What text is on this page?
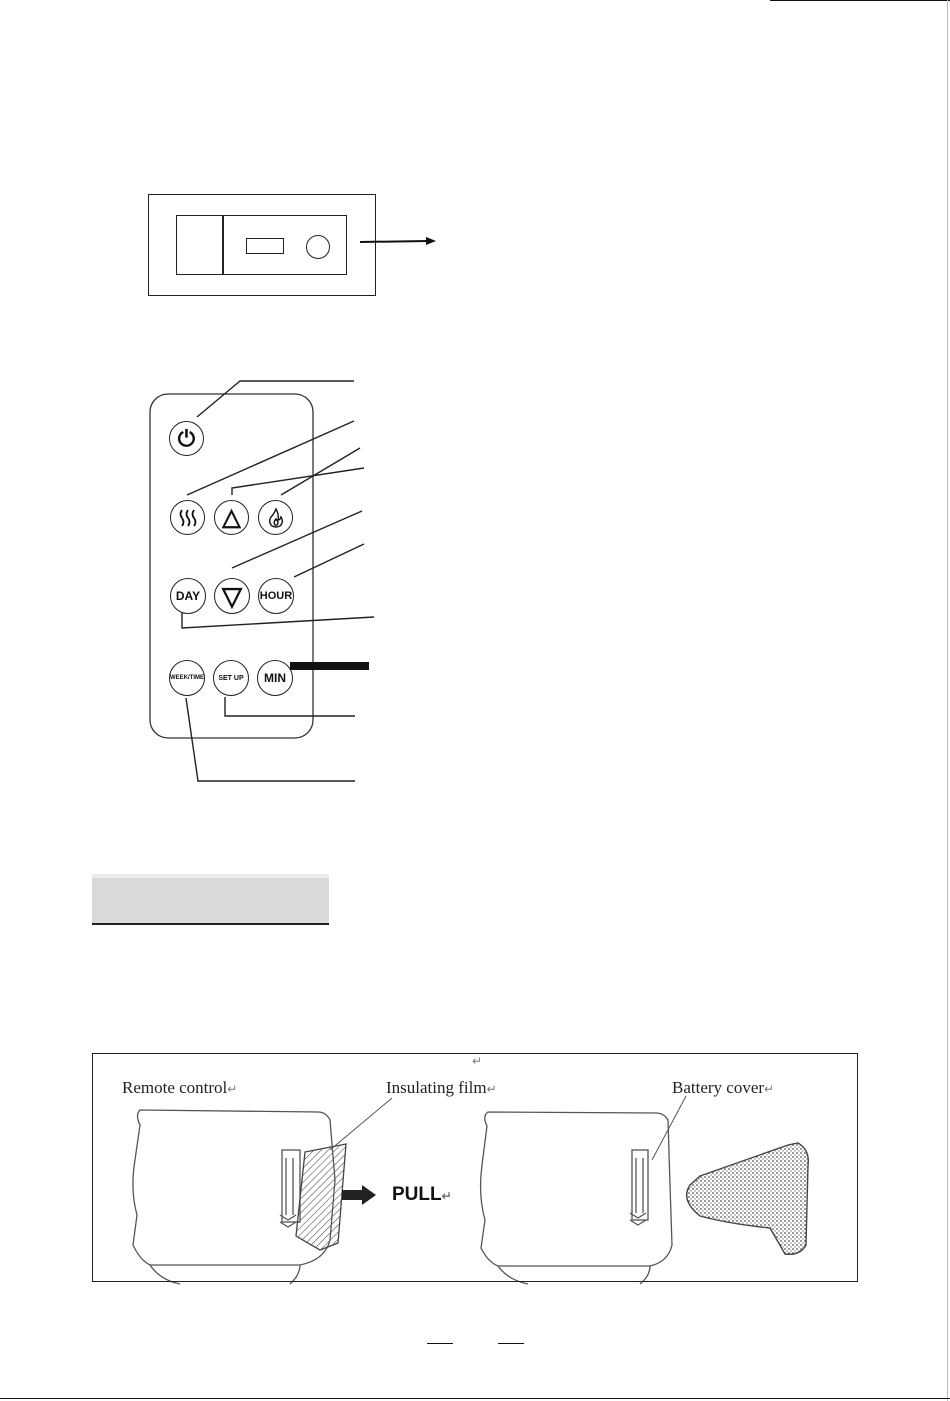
⏻
△
DAY ▽ HOUR
WEEK/TIME SET UP MIN
↵
Remote control↵	Insulating film↵	Battery cover↵
PULL↵
